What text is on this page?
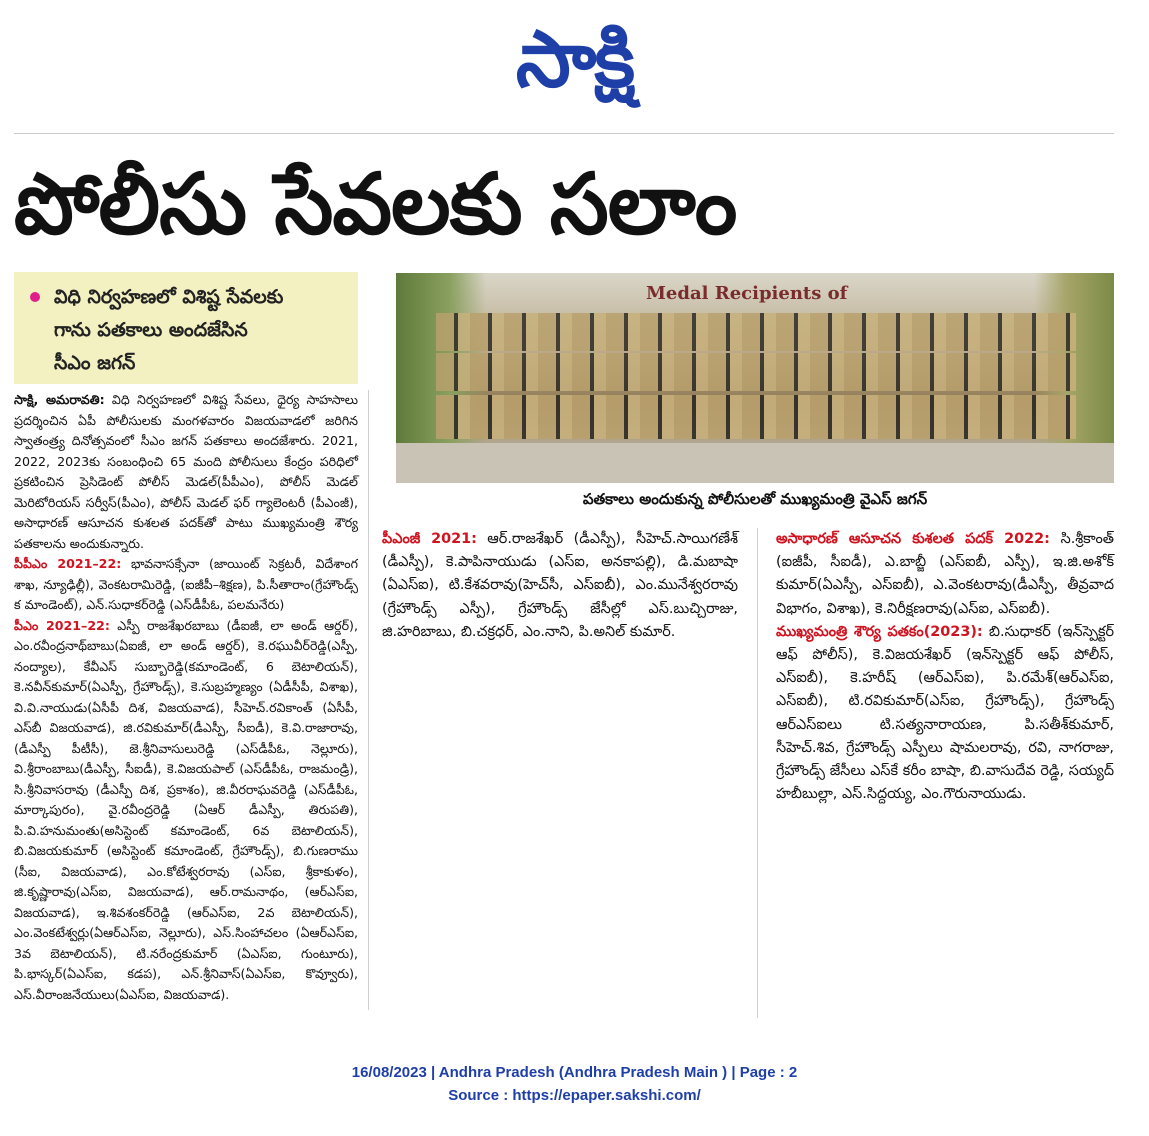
సాక్షి
పోలీసు సేవలకు సలాం
విధి నిర్వహణలో విశిష్ట సేవలకు
గాను పతకాలు అందజేసిన
సీఎం జగన్
Medal Recipients of
పతకాలు అందుకున్న పోలీసులతో ముఖ్యమంత్రి వైఎస్ జగన్

సాక్షి, అమరావతి: విధి నిర్వహణలో విశిష్ట సేవలు, ధైర్య సాహసాలు ప్రదర్శించిన ఏపీ పోలీసులకు మంగళవారం విజయవాడలో జరిగిన స్వాతంత్ర్య దినోత్సవంలో సీఎం జగన్ పతకాలు అందజేశారు. 2021, 2022, 2023కు సంబంధించి 65 మంది పోలీసులు కేంద్రం పరిధిలో ప్రకటించిన ప్రెసిడెంట్ పోలీస్ మెడల్(పీపీఎం), పోలీస్ మెడల్ మెరిటోరియస్ సర్వీస్(పీఎం), పోలీస్ మెడల్ ఫర్ గ్యాలెంటరీ (పీఎంజీ), అసాధారణ్ ఆసూచన కుశలత పదక్‌తో పాటు ముఖ్యమంత్రి శౌర్య పతకాలను అందుకున్నారు.

పీపీఎం 2021–22: భావనాసక్సేనా (జాయింట్ సెక్రటరీ, విదేశాంగ శాఖ, న్యూఢిల్లీ), వెంకటరామిరెడ్డి, (ఐజీపీ–శిక్షణ), పి.సీతారాం(గ్రేహౌండ్స్ క మాండెంట్), ఎన్.సుధాకర్‌రెడ్డి (ఎస్‌డీపీఓ, పలమనేరు)

పీఎం 2021–22: ఎస్పీ రాజశేఖరబాబు (డీఐజీ, లా అండ్ ఆర్డర్), ఎం.రవీంద్రనాథ్‌బాబు(ఏఐజీ, లా అండ్ ఆర్డర్), కె.రఘువీర్‌రెడ్డి(ఎస్పీ, నంద్యాల), కేవీఎస్ సుబ్బారెడ్డి(కమాండెంట్, 6 బెటాలియన్), కె.నవీన్‌కుమార్(ఏఎస్పీ, గ్రేహౌండ్స్), కె.సుబ్రహ్మణ్యం (ఏడీసీపీ, విశాఖ), వి.వి.నాయుడు(ఏసీపీ దిశ, విజయవాడ), సీహెచ్.రవికాంత్ (ఏసీపీ, ఎస్‌బీ విజయవాడ), జి.రవికుమార్(డీఎస్పీ, సీఐడీ), కె.వి.రాజారావు, (డీఎస్పీ పీటీసీ), జె.శ్రీనివాసులురెడ్డి (ఎస్‌డీపీఓ, నెల్లూరు), వి.శ్రీరాంబాబు(డీఎస్పీ, సీఐడీ), కె.విజయపాల్ (ఎస్‌డీపీఓ, రాజమండ్రి), సి.శ్రీనివాసరావు (డీఎస్పీ దిశ, ప్రకాశం), జి.వీరరాఘవరెడ్డి (ఎస్‌డీపీఓ, మార్కాపురం), వై.రవీంద్రరెడ్డి (ఏఆర్ డీఎస్పీ, తిరుపతి), పి.వి.హనుమంతు(అసిస్టెంట్ కమాండెంట్, 6వ బెటాలియన్), బి.విజయకుమార్ (అసిస్టెంట్ కమాండెంట్, గ్రేహౌండ్స్), బి.గుణరాము (సీఐ, విజయవాడ), ఎం.కోటేశ్వరరావు (ఎస్ఐ, శ్రీకాకుళం), జి.కృష్ణారావు(ఎస్ఐ, విజయవాడ), ఆర్.రామనాథం, (ఆర్ఎస్ఐ, విజయవాడ), ఇ.శివశంకర్‌రెడ్డి (ఆర్ఎస్ఐ, 2వ బెటాలియన్), ఎం.వెంకటేశ్వర్లు(ఏఆర్ఎస్ఐ, నెల్లూరు), ఎస్.సింహాచలం (ఏఆర్ఎస్ఐ, 3వ బెటాలియన్), టి.నరేంద్రకుమార్ (ఏఎస్ఐ, గుంటూరు), పి.భాస్కర్(ఏఎస్ఐ, కడప), ఎన్.శ్రీనివాస్(ఏఎస్ఐ, కొవ్వూరు), ఎస్.వీరాంజనేయులు(ఏఎస్ఐ, విజయవాడ).

పీఎంజీ 2021: ఆర్.రాజశేఖర్ (డీఎస్పీ), సీహెచ్.సాయిగణేశ్ (డీఎస్పీ), కె.పాపినాయుడు (ఎస్ఐ, అనకాపల్లి), డి.మబాషా (ఏఎస్ఐ), టి.కేశవరావు(హెచ్‌సీ, ఎస్ఐబీ), ఎం.మునేశ్వరరావు (గ్రేహౌండ్స్ ఎస్పీ), గ్రేహౌండ్స్ జేసీల్లో ఎస్.బుచ్చిరాజు, జి.హరిబాబు, బి.చక్రధర్, ఎం.నాని, పి.అనిల్ కుమార్.

అసాధారణ్ ఆసూచన కుశలత పదక్ 2022: సి.శ్రీకాంత్ (ఐజీపీ, సీఐడీ), ఎ.బాబ్జీ (ఎస్ఐబీ, ఎస్పీ), ఇ.జి.అశోక్ కుమార్(ఏఎస్పీ, ఎస్ఐబీ), ఎ.వెంకటరావు(డీఎస్పీ, తీవ్రవాద విభాగం, విశాఖ), కె.నిరీక్షణరావు(ఎస్ఐ, ఎస్ఐబీ).

ముఖ్యమంత్రి శౌర్య పతకం(2023): బి.సుధాకర్ (ఇన్‌స్పెక్టర్ ఆఫ్ పోలీస్), కె.విజయశేఖర్ (ఇన్‌స్పెక్టర్ ఆఫ్ పోలీస్, ఎస్ఐబీ), కె.హరీష్ (ఆర్ఎస్ఐ), పి.రమేశ్(ఆర్ఎస్ఐ, ఎస్ఐబీ), టి.రవికుమార్(ఎస్ఐ, గ్రేహౌండ్స్), గ్రేహౌండ్స్ ఆర్ఎస్ఐలు టి.సత్యనారాయణ, పి.సతీశ్‌కుమార్, సీహెచ్.శివ, గ్రేహౌండ్స్ ఎస్పీలు షామలరావు, రవి, నాగరాజు, గ్రేహౌండ్స్ జేసీలు ఎస్‌కే కరీం బాషా, బి.వాసుదేవ రెడ్డి, సయ్యద్ హబీబుల్లా, ఎస్.సిద్దయ్య, ఎం.గౌరునాయుడు.

16/08/2023 | Andhra Pradesh (Andhra Pradesh Main ) | Page : 2
Source : https://epaper.sakshi.com/
